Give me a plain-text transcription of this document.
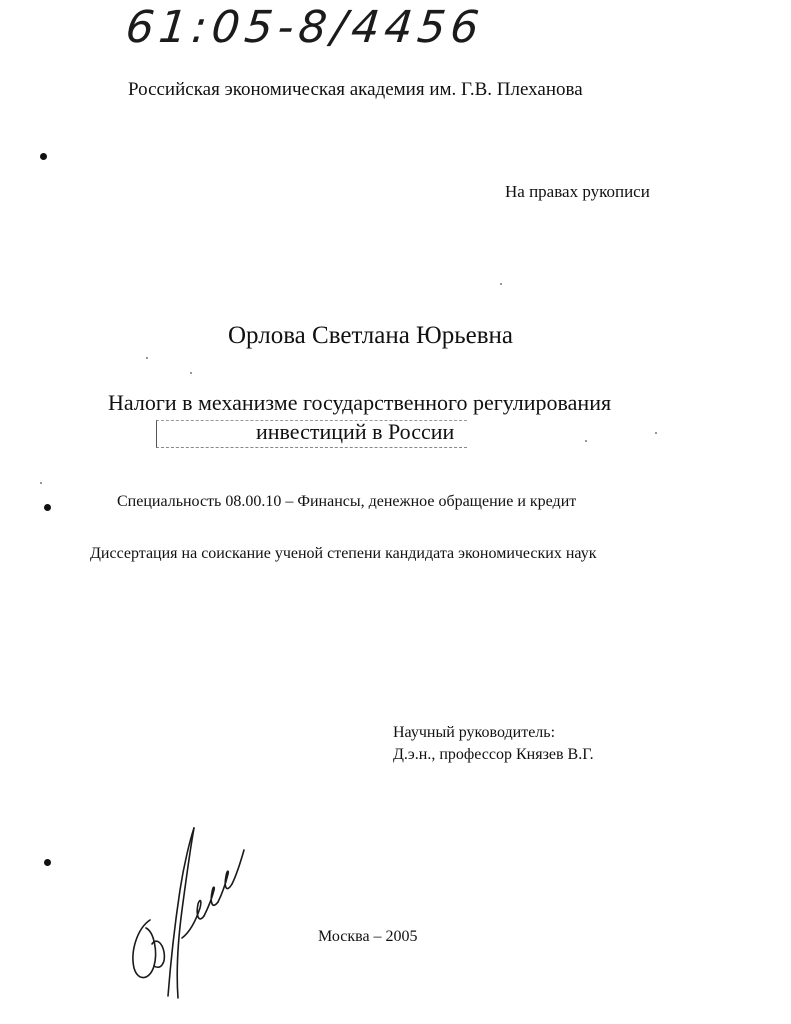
61:05-8/4456
Российская экономическая академия им. Г.В. Плеханова
На правах рукописи
Орлова Светлана Юрьевна
Налоги в механизме государственного регулирования
инвестиций в России
Специальность 08.00.10 – Финансы, денежное обращение и кредит
Диссертация на соискание ученой степени кандидата экономических наук
Научный руководитель:
Д.э.н., профессор Князев В.Г.
Москва – 2005
